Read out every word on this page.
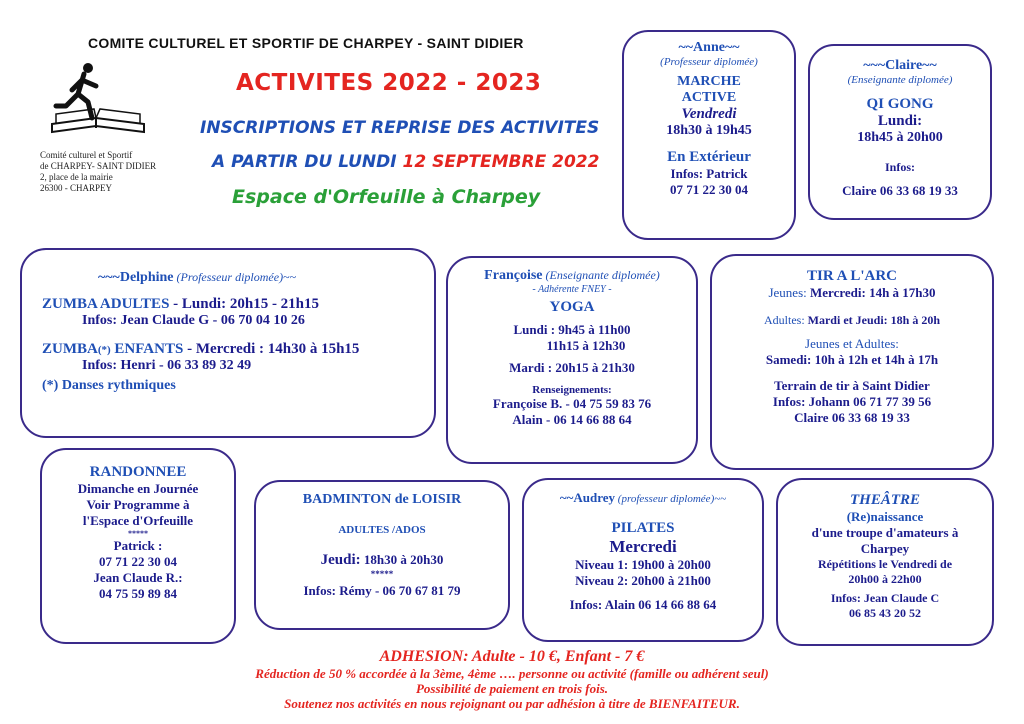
COMITE CULTUREL ET SPORTIF DE CHARPEY - SAINT DIDIER
Comité culturel et Sportif
de CHARPEY- SAINT DIDIER
2, place de la mairie
26300 - CHARPEY
ACTIVITES 2022 - 2023
INSCRIPTIONS ET REPRISE DES ACTIVITES
A PARTIR DU LUNDI 12 SEPTEMBRE 2022
Espace d'Orfeuille à Charpey
~~Anne~~
(Professeur diplomée)
MARCHE
ACTIVE
Vendredi
18h30 à 19h45
En Extérieur
Infos: Patrick
07 71 22 30 04
~~~Claire~~
(Enseignante diplomée)
QI GONG
Lundi:
18h45 à 20h00
Infos:
Claire 06 33 68 19 33
~~~Delphine (Professeur diplomée)~~
ZUMBA ADULTES - Lundi: 20h15 - 21h15
Infos: Jean Claude G - 06 70 04 10 26
ZUMBA(*) ENFANTS - Mercredi : 14h30 à 15h15
Infos: Henri - 06 33 89 32 49
(*) Danses rythmiques
Françoise (Enseignante diplomée)
- Adhérente FNEY -
YOGA
Lundi : 9h45 à 11h00
11h15 à 12h30
Mardi : 20h15 à 21h30
Renseignements:
Françoise B. - 04 75 59 83 76
Alain - 06 14 66 88 64
TIR A L'ARC
Jeunes: Mercredi: 14h à 17h30
Adultes: Mardi et Jeudi: 18h à 20h
Jeunes et Adultes:
Samedi: 10h à 12h et 14h à 17h
Terrain de tir à Saint Didier
Infos: Johann 06 71 77 39 56
Claire 06 33 68 19 33
RANDONNEE
Dimanche en Journée
Voir Programme à
l'Espace d'Orfeuille
*****
Patrick :
07 71 22 30 04
Jean Claude R.:
04 75 59 89 84
BADMINTON de LOISIR
ADULTES /ADOS
Jeudi: 18h30 à 20h30
*****
Infos: Rémy - 06 70 67 81 79
~~Audrey (professeur diplomée)~~
PILATES
Mercredi
Niveau 1: 19h00 à 20h00
Niveau 2: 20h00 à 21h00
Infos: Alain 06 14 66 88 64
THEÂTRE
(Re)naissance
d'une troupe d'amateurs à
Charpey
Répétitions le Vendredi de
20h00 à 22h00
Infos: Jean Claude C
06 85 43 20 52
ADHESION: Adulte - 10 €, Enfant - 7 €
Réduction de 50 % accordée à la 3ème, 4ème …. personne ou activité (famille ou adhérent seul)
Possibilité de paiement en trois fois.
Soutenez nos activités en nous rejoignant ou par adhésion à titre de BIENFAITEUR.
